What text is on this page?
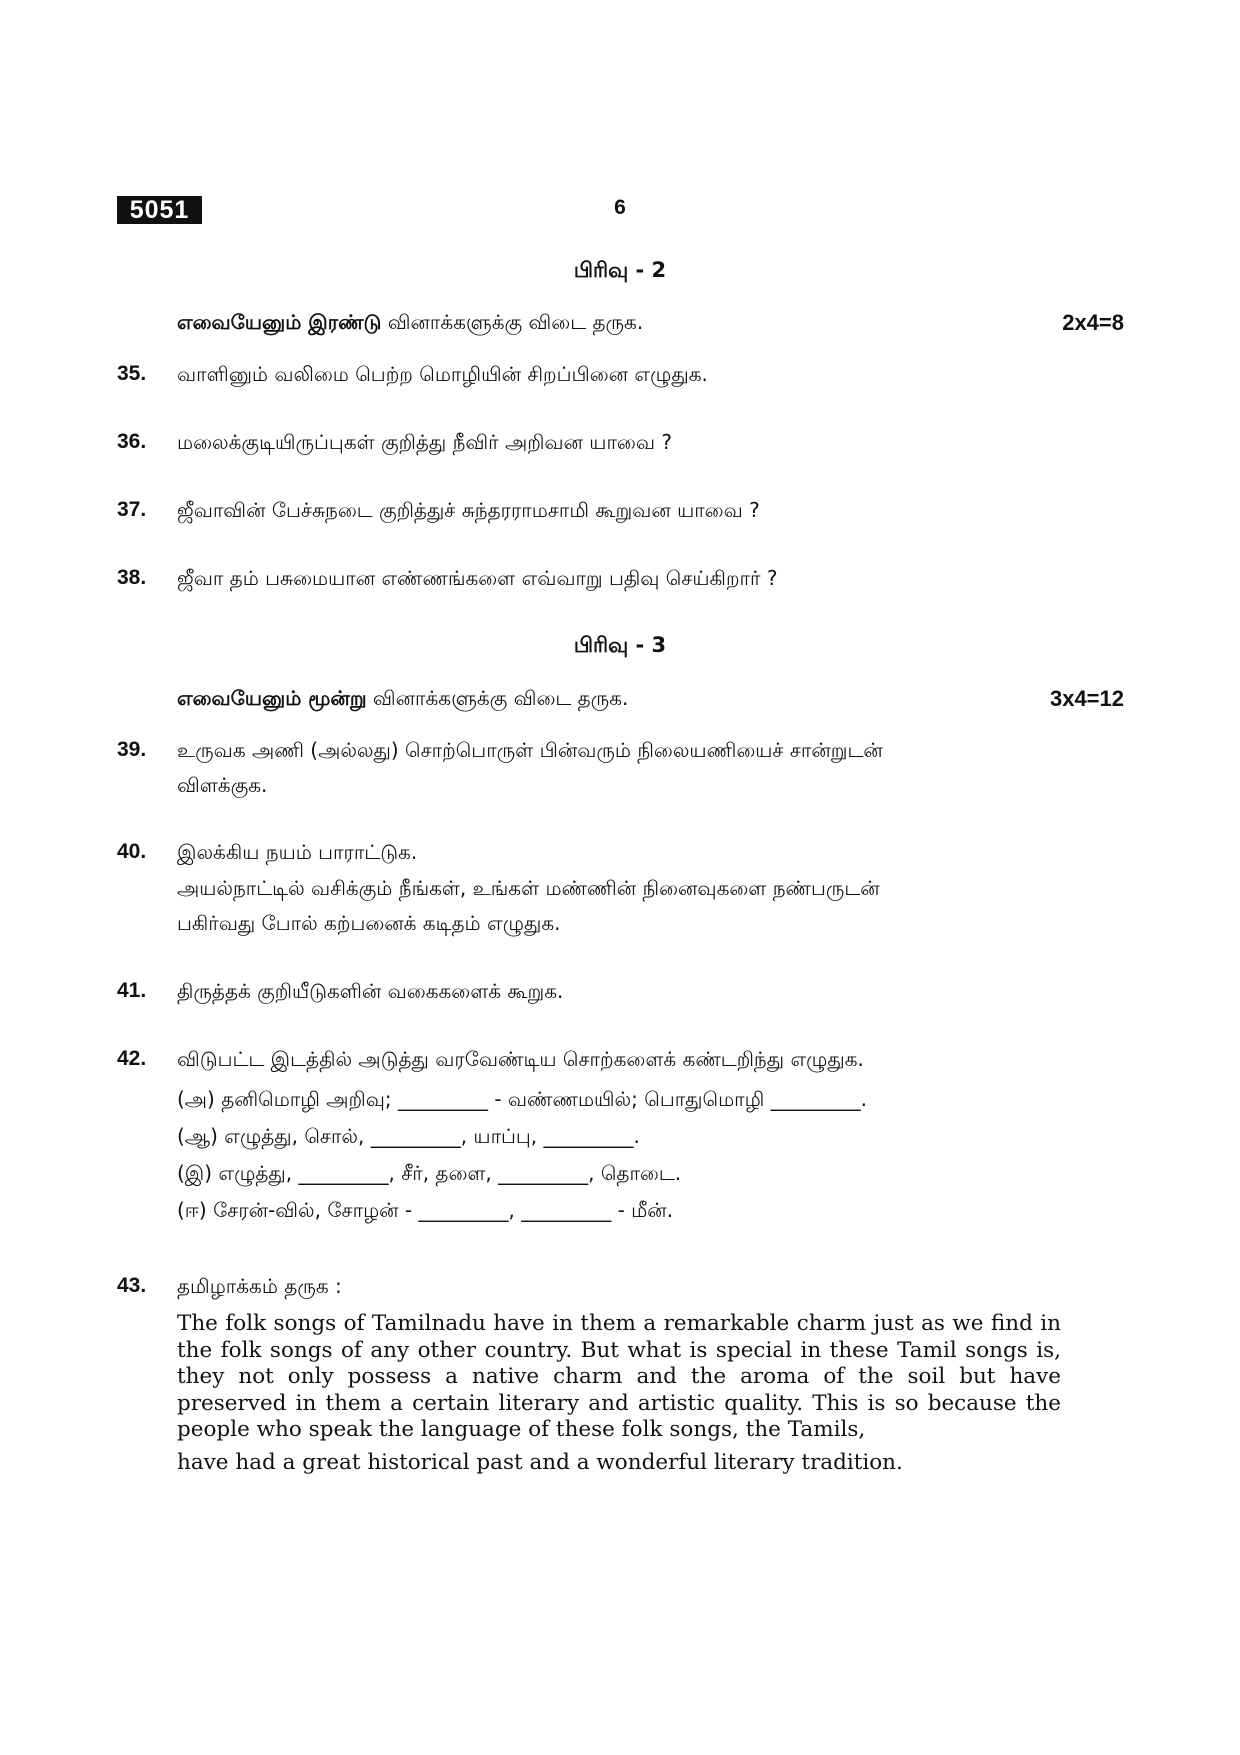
5051	6
பிரிவு - 2
எவையேனும் இரண்டு வினாக்களுக்கு விடை தருக.	2x4=8
35.	வாளினும் வலிமை பெற்ற மொழியின் சிறப்பினை எழுதுக.
36.	மலைக்குடியிருப்புகள் குறித்து நீவிர் அறிவன யாவை ?
37.	ஜீவாவின் பேச்சுநடை குறித்துச் சுந்தரராமசாமி கூறுவன யாவை ?
38.	ஜீவா தம் பசுமையான எண்ணங்களை எவ்வாறு பதிவு செய்கிறார் ?
பிரிவு - 3
எவையேனும் மூன்று வினாக்களுக்கு விடை தருக.	3x4=12
39.	உருவக அணி (அல்லது) சொற்பொருள் பின்வரும் நிலையணியைச் சான்றுடன்
விளக்குக.
40.	இலக்கிய நயம் பாராட்டுக.
அயல்நாட்டில் வசிக்கும் நீங்கள், உங்கள் மண்ணின் நினைவுகளை நண்பருடன்
பகிர்வது போல் கற்பனைக் கடிதம் எழுதுக.
41.	திருத்தக் குறியீடுகளின் வகைகளைக் கூறுக.
42.	விடுபட்ட இடத்தில் அடுத்து வரவேண்டிய சொற்களைக் கண்டறிந்து எழுதுக.
(அ) தனிமொழி அறிவு; _________ - வண்ணமயில்; பொதுமொழி _________.
(ஆ) எழுத்து, சொல், _________, யாப்பு, _________.
(இ) எழுத்து, _________, சீர், தளை, _________, தொடை.
(ஈ) சேரன்-வில், சோழன் - _________, _________ - மீன்.
43.	தமிழாக்கம் தருக :
The folk songs of Tamilnadu have in them a remarkable charm just as we find in the folk songs of any other country. But what is special in these Tamil songs is, they not only possess a native charm and the aroma of the soil but have preserved in them a certain literary and artistic quality. This is so because the people who speak the language of these folk songs, the Tamils,
have had a great historical past and a wonderful literary tradition.
